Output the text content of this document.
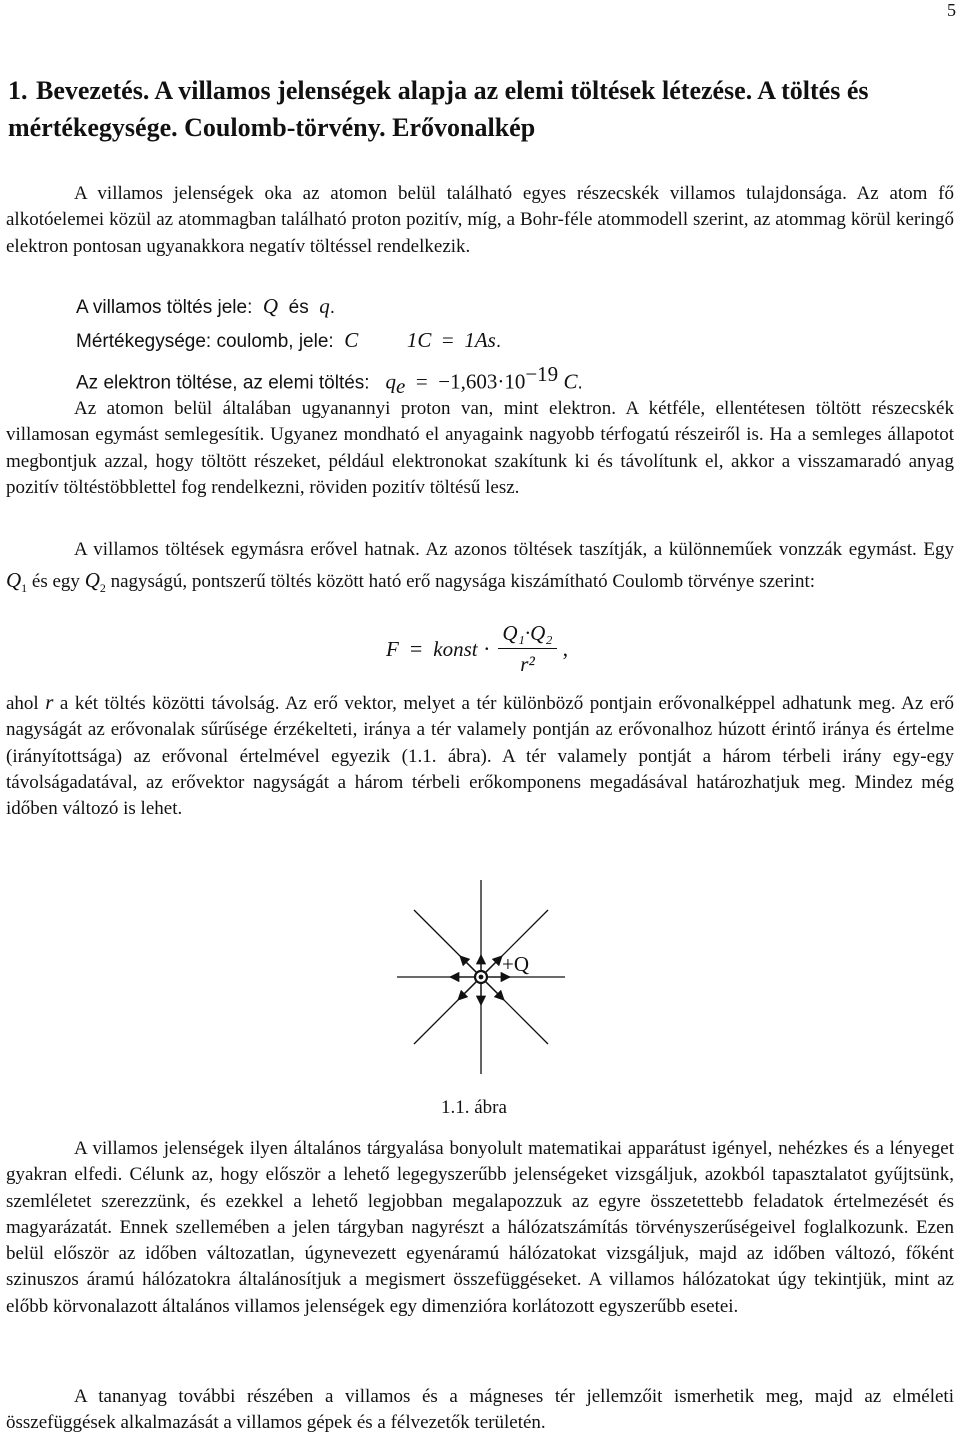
5
1. Bevezetés. A villamos jelenségek alapja az elemi töltések létezése. A töltés és mértékegysége. Coulomb-törvény. Erővonalkép

A villamos jelenségek oka az atomon belül található egyes részecskék villamos tulajdonsága. Az atom fő alkotóelemei közül az atommagban található proton pozitív, míg, a Bohr-féle atommodell szerint, az atommag körül keringő elektron pontosan ugyanakkora negatív töltéssel rendelkezik.

A villamos töltés jele: Q és q.
Mértékegysége: coulomb, jele: C 1C = 1As.
Az elektron töltése, az elemi töltés: $q_e = -1,603\cdot 10^{-19}$ C.

Az atomon belül általában ugyanannyi proton van, mint elektron. A kétféle, ellentétesen töltött részecskék villamosan egymást semlegesítik. Ugyanez mondható el anyagaink nagyobb térfogatú részeiről is. Ha a semleges állapotot megbontjuk azzal, hogy töltött részeket, például elektronokat szakítunk ki és távolítunk el, akkor a visszamaradó anyag pozitív töltéstöbblettel fog rendelkezni, röviden pozitív töltésű lesz.

A villamos töltések egymásra erővel hatnak. Az azonos töltések taszítják, a különneműek vonzzák egymást. Egy $Q_1$ és egy $Q_2$ nagyságú, pontszerű töltés között ható erő nagysága kiszámítható Coulomb törvénye szerint:

F = konst ·	Q₁·Q₂	,
r²

ahol r a két töltés közötti távolság. Az erő vektor, melyet a tér különböző pontjain erővonalképpel adhatunk meg. Az erő nagyságát az erővonalak sűrűsége érzékelteti, iránya a tér valamely pontján az erővonalhoz húzott érintő iránya és értelme (irányítottsága) az erővonal értelmével egyezik (1.1. ábra). A tér valamely pontját a három térbeli irány egy-egy távolságadatával, az erővektor nagyságát a három térbeli erőkomponens megadásával határozhatjuk meg. Mindez még időben változó is lehet.

+Q
1.1. ábra

A villamos jelenségek ilyen általános tárgyalása bonyolult matematikai apparátust igényel, nehézkes és a lényeget gyakran elfedi. Célunk az, hogy először a lehető legegyszerűbb jelenségeket vizsgáljuk, azokból tapasztalatot gyűjtsünk, szemléletet szerezzünk, és ezekkel a lehető legjobban megalapozzuk az egyre összetettebb feladatok értelmezését és magyarázatát. Ennek szellemében a jelen tárgyban nagyrészt a hálózatszámítás törvényszerűségeivel foglalkozunk. Ezen belül először az időben változatlan, úgynevezett egyenáramú hálózatokat vizsgáljuk, majd az időben változó, főként szinuszos áramú hálózatokra általánosítjuk a megismert összefüggéseket. A villamos hálózatokat úgy tekintjük, mint az előbb körvonalazott általános villamos jelenségek egy dimenzióra korlátozott egyszerűbb esetei.

A tananyag további részében a villamos és a mágneses tér jellemzőit ismerhetik meg, majd az elméleti összefüggések alkalmazását a villamos gépek és a félvezetők területén.
